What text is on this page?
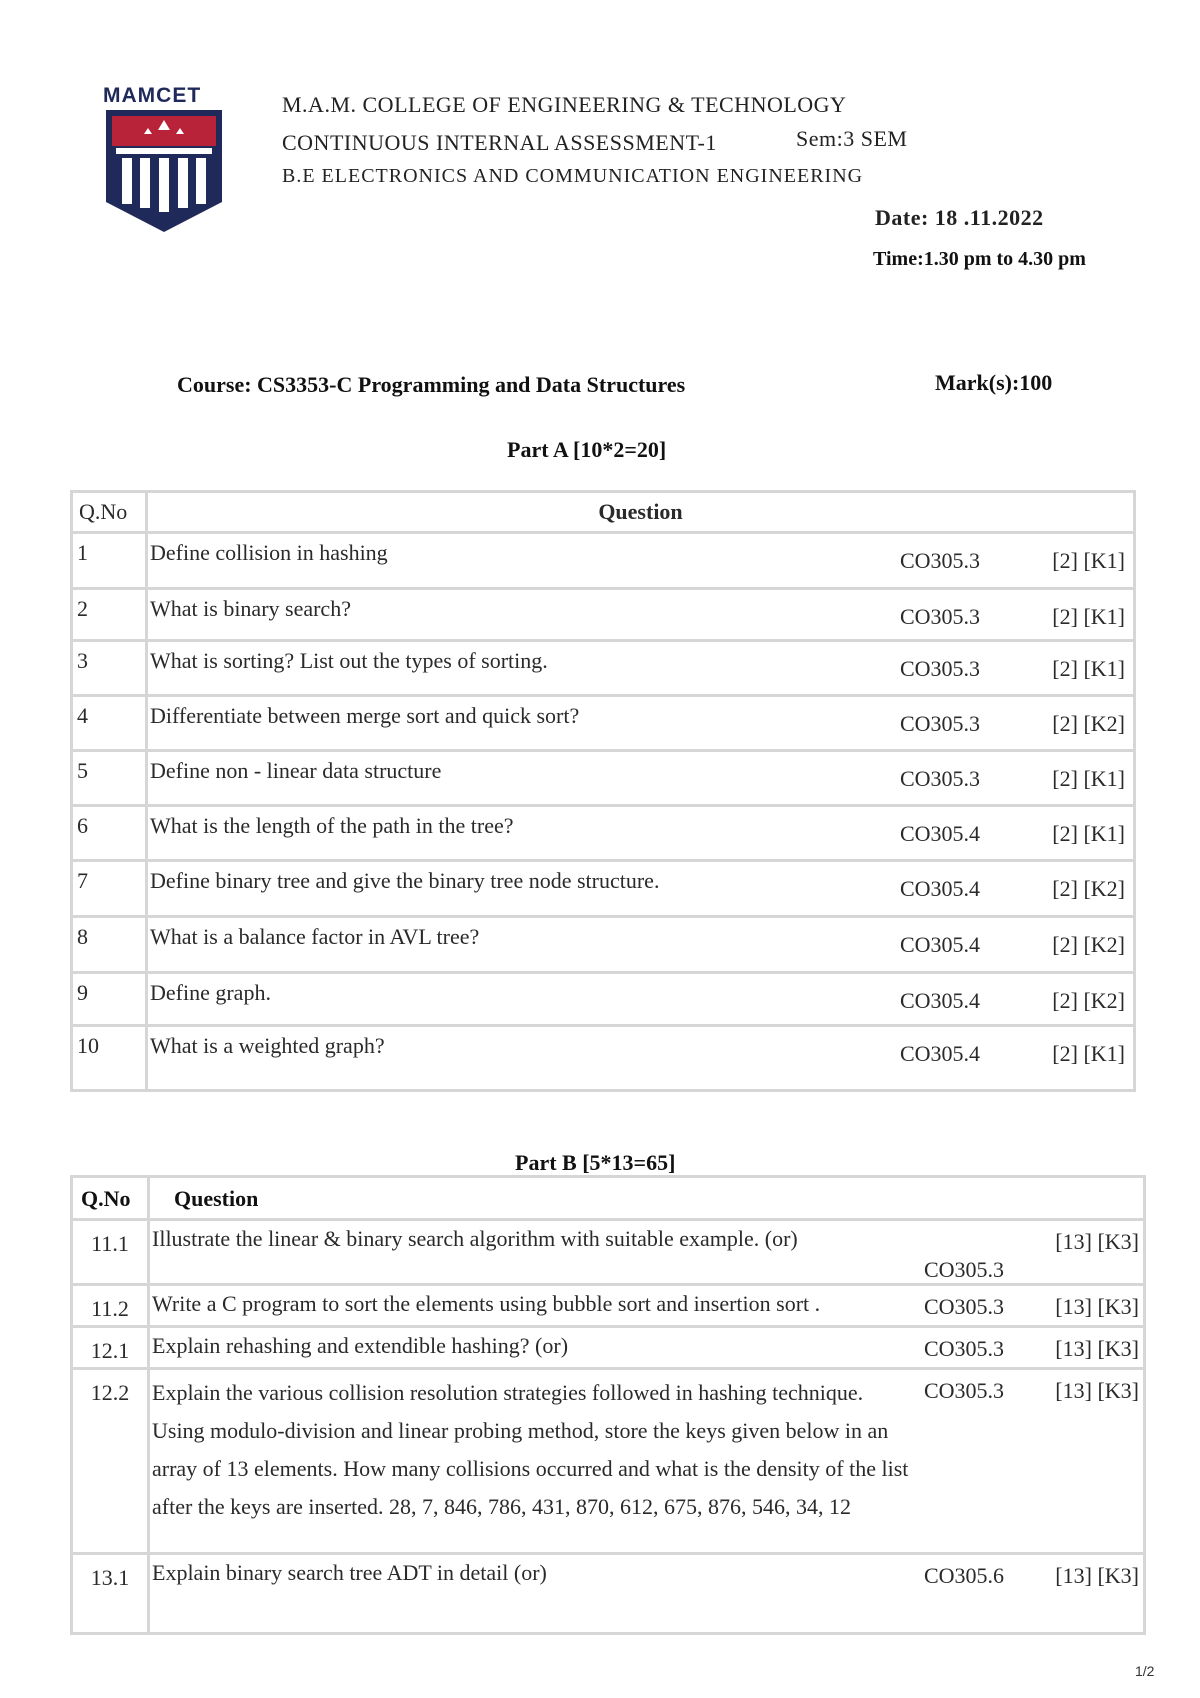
MAMCET	M.A.M. COLLEGE OF ENGINEERING & TECHNOLOGY
CONTINUOUS INTERNAL ASSESSMENT-1	Sem:3 SEM
B.E ELECTRONICS AND COMMUNICATION ENGINEERING
Date: 18 .11.2022
Time:1.30 pm to 4.30 pm
Course: CS3353-C Programming and Data Structures	Mark(s):100
Part A [10*2=20]
Q.No	Question		
1	Define collision in hashing	CO305.3	[2] [K1]
2	What is binary search?	CO305.3	[2] [K1]
3	What is sorting? List out the types of sorting.	CO305.3	[2] [K1]
4	Differentiate between merge sort and quick sort?	CO305.3	[2] [K2]
5	Define non - linear data structure	CO305.3	[2] [K1]
6	What is the length of the path in the tree?	CO305.4	[2] [K1]
7	Define binary tree and give the binary tree node structure.	CO305.4	[2] [K2]
8	What is a balance factor in AVL tree?	CO305.4	[2] [K2]
9	Define graph.	CO305.4	[2] [K2]
10	What is a weighted graph?	CO305.4	[2] [K1]
Part B [5*13=65]
Q.No	Question		
11.1	Illustrate the linear & binary search algorithm with suitable example. (or)	CO305.3	[13] [K3]
11.2	Write a C program to sort the elements using bubble sort and insertion sort .	CO305.3	[13] [K3]
12.1	Explain rehashing and extendible hashing? (or)	CO305.3	[13] [K3]
12.2	Explain the various collision resolution strategies followed in hashing technique. Using modulo-division and linear probing method, store the keys given below in an array of 13 elements. How many collisions occurred and what is the density of the list after the keys are inserted. 28, 7, 846, 786, 431, 870, 612, 675, 876, 546, 34, 12	CO305.3	[13] [K3]
13.1	Explain binary search tree ADT in detail (or)	CO305.6	[13] [K3]
1/2
